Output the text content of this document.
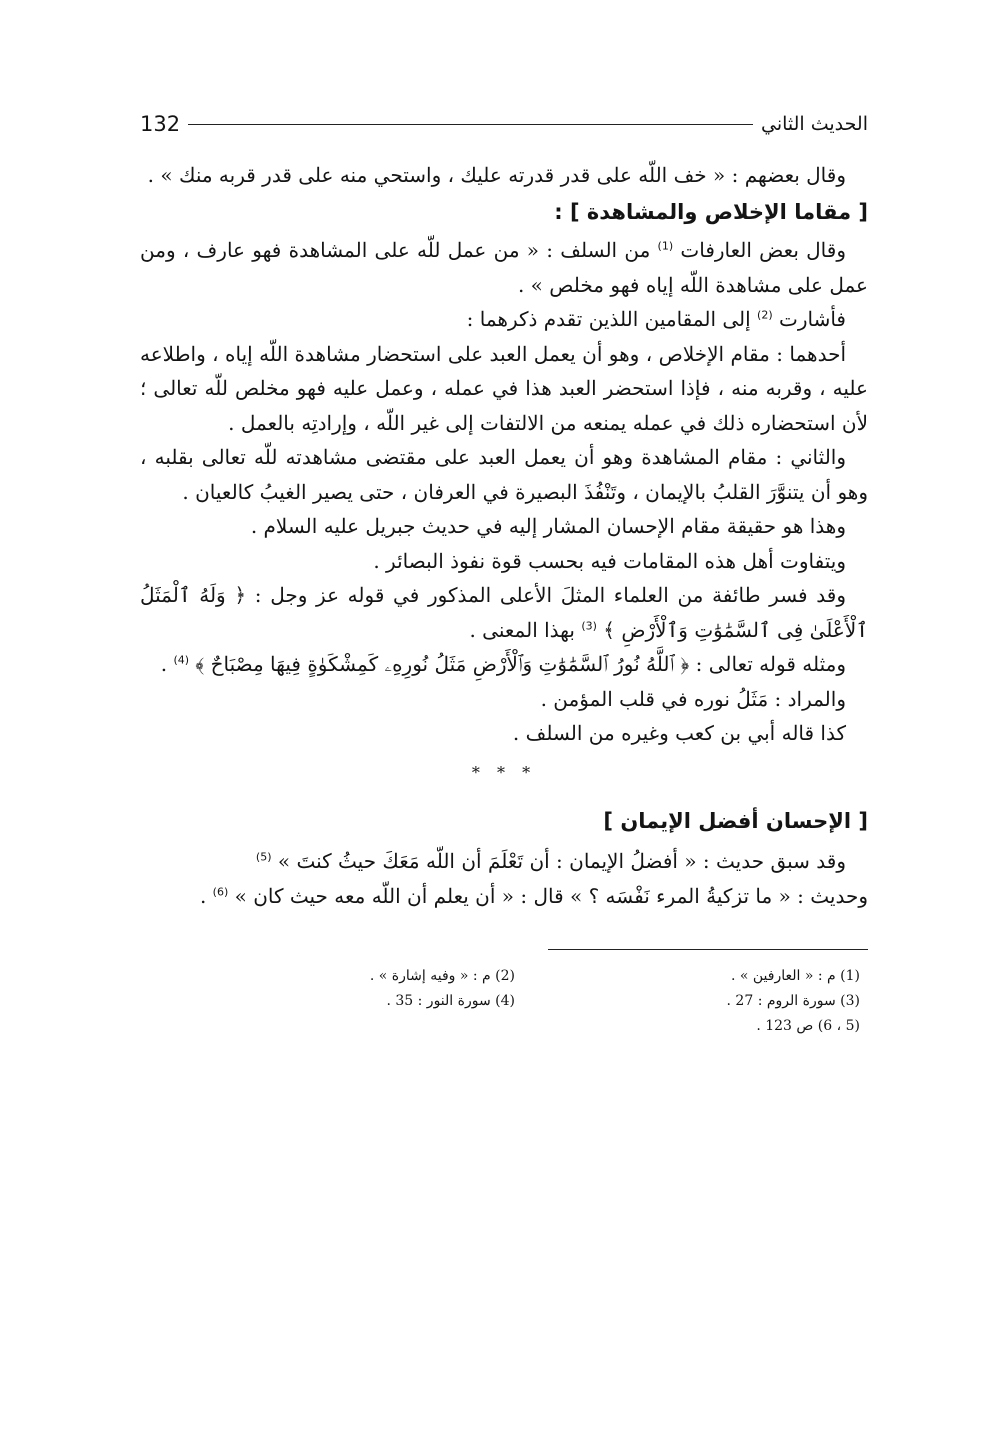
الحديث الثاني
132

وقال بعضهم : « خف اللّه على قدر قدرته عليك ، واستحي منه على قدر قربه منك » .

[ مقاما الإخلاص والمشاهدة ] :

وقال بعض العارفات $^{(1)}$ من السلف : « من عمل للّه على المشاهدة فهو عارف ، ومن عمل على مشاهدة اللّه إياه فهو مخلص » .

فأشارت $^{(2)}$ إلى المقامين اللذين تقدم ذكرهما :

أحدهما : مقام الإخلاص ، وهو أن يعمل العبد على استحضار مشاهدة اللّه إياه ، واطلاعه عليه ، وقربه منه ، فإذا استحضر العبد هذا في عمله ، وعمل عليه فهو مخلص للّه تعالى ؛ لأن استحضاره ذلك في عمله يمنعه من الالتفات إلى غير اللّه ، وإرادتِه بالعمل .

والثاني : مقام المشاهدة وهو أن يعمل العبد على مقتضى مشاهدته للّه تعالى بقلبه ، وهو أن يتنوَّرَ القلبُ بالإيمان ، وتَنْفُذَ البصيرة في العرفان ، حتى يصير الغيبُ كالعيان .

وهذا هو حقيقة مقام الإحسان المشار إليه في حديث جبريل عليه السلام .

ويتفاوت أهل هذه المقامات فيه بحسب قوة نفوذ البصائر .

وقد فسر طائفة من العلماء المثلَ الأعلى المذكور في قوله عز وجل : ﴿ وَلَهُ ٱلْمَثَلُ ٱلْأَعْلَىٰ فِى ٱلسَّمَٰوَٰتِ وَٱلْأَرْضِ ﴾ $^{(3)}$ بهذا المعنى .

ومثله قوله تعالى : ﴿ ٱللَّهُ نُورُ ٱلسَّمَٰوَٰتِ وَٱلْأَرْضِ مَثَلُ نُورِهِۦ كَمِشْكَوٰةٍ فِيهَا مِصْبَاحٌ ﴾ $^{(4)}$ .

والمراد : مَثَلُ نوره في قلب المؤمن .

كذا قاله أبي بن كعب وغيره من السلف .

* * *

[ الإحسان أفضل الإيمان ]

وقد سبق حديث : « أفضلُ الإيمان : أن تَعْلَمَ أن اللّه مَعَكَ حيثُ كنتَ » $^{(5)}$

وحديث : « ما تزكيةُ المرء نَفْسَه ؟ » قال : « أن يعلم أن اللّه معه حيث كان » $^{(6)}$ .

(1) م : « العارفين » .
(2) م : « وفيه إشارة » .
(3) سورة الروم : 27 .
(4) سورة النور : 35 .
(5 ، 6) ص 123 .
